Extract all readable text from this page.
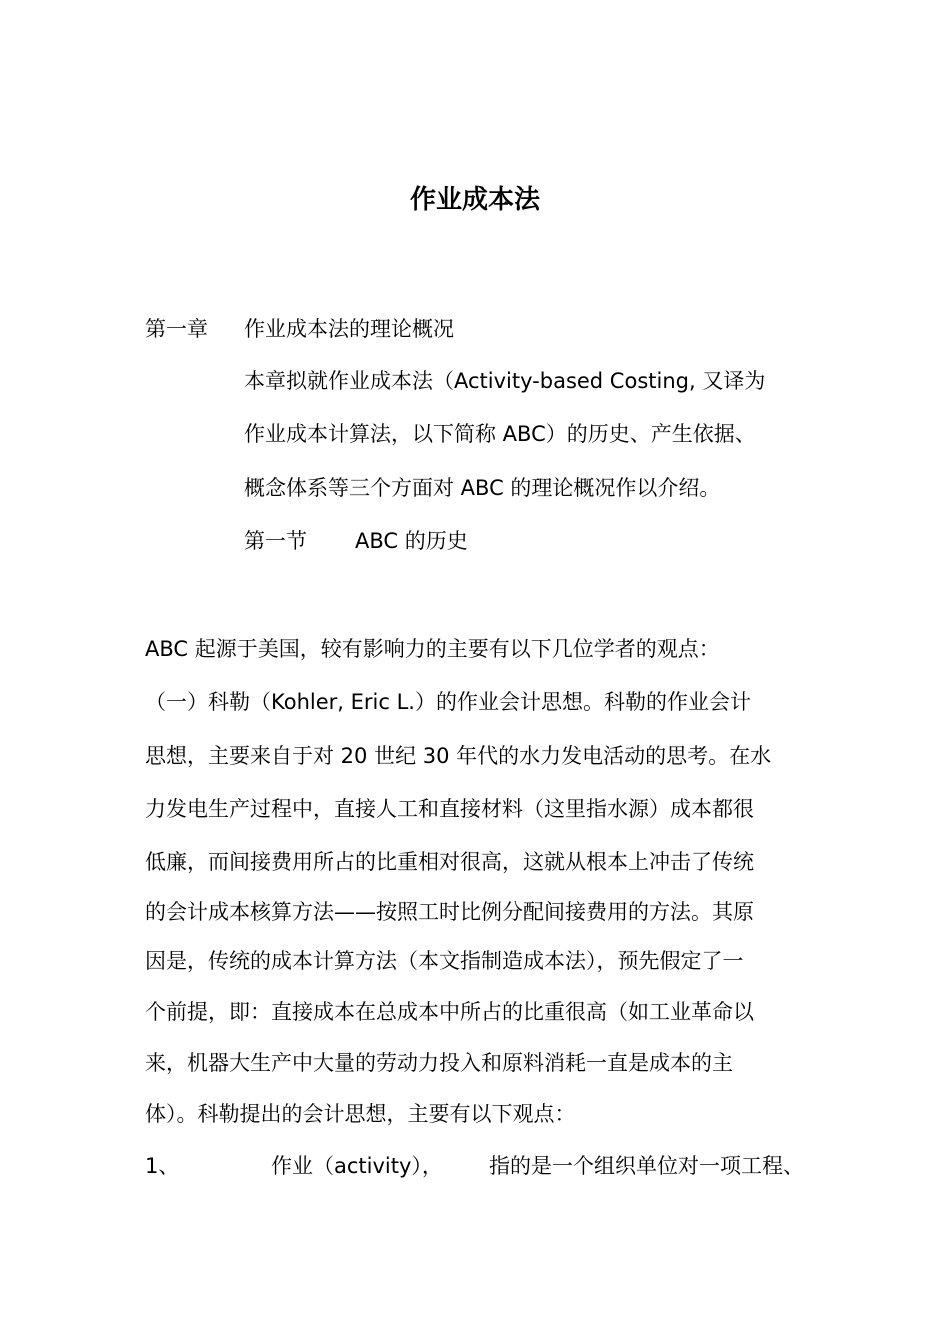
作业成本法
第一章 作业成本法的理论概况
本章拟就作业成本法（Activity-based Costing, 又译为
作业成本计算法，以下简称 ABC）的历史、产生依据、
概念体系等三个方面对 ABC 的理论概况作以介绍。
第一节 ABC 的历史
ABC 起源于美国，较有影响力的主要有以下几位学者的观点：
（一）科勒（Kohler, Eric L.）的作业会计思想。科勒的作业会计
思想，主要来自于对 20 世纪 30 年代的水力发电活动的思考。在水
力发电生产过程中，直接人工和直接材料（这里指水源）成本都很
低廉，而间接费用所占的比重相对很高，这就从根本上冲击了传统
的会计成本核算方法——按照工时比例分配间接费用的方法。其原
因是，传统的成本计算方法（本文指制造成本法），预先假定了一
个前提，即：直接成本在总成本中所占的比重很高（如工业革命以
来，机器大生产中大量的劳动力投入和原料消耗一直是成本的主
体）。科勒提出的会计思想，主要有以下观点：
1、	作业（activity）， 指的是一个组织单位对一项工程、
